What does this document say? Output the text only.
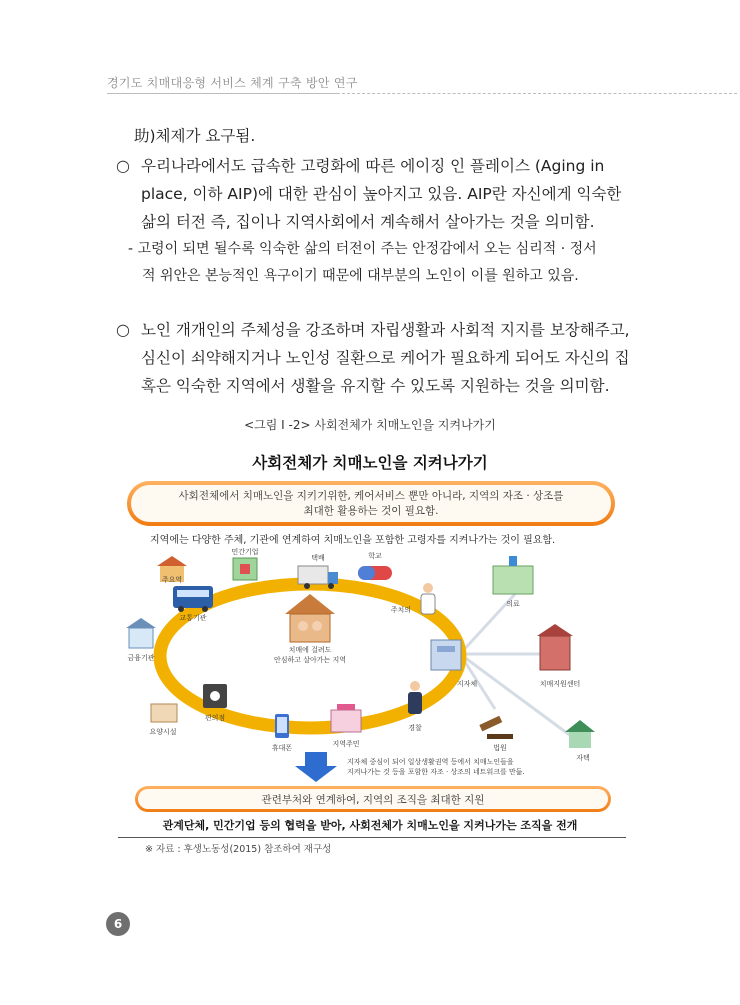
경기도 치매대응형 서비스 체계 구축 방안 연구
助)체제가 요구됨.
○ 우리나라에서도 급속한 고령화에 따른 에이징 인 플레이스 (Aging in
place, 이하 AIP)에 대한 관심이 높아지고 있음. AIP란 자신에게 익숙한
삶의 터전 즉, 집이나 지역사회에서 계속해서 살아가는 것을 의미함.
- 고령이 되면 될수록 익숙한 삶의 터전이 주는 안정감에서 오는 심리적 · 정서
적 위안은 본능적인 욕구이기 때문에 대부분의 노인이 이를 원하고 있음.
○ 노인 개개인의 주체성을 강조하며 자립생활과 사회적 지지를 보장해주고,
심신이 쇠약해지거나 노인성 질환으로 케어가 필요하게 되어도 자신의 집
혹은 익숙한 지역에서 생활을 유지할 수 있도록 지원하는 것을 의미함.
<그림 Ⅰ -2> 사회전체가 치매노인을 지켜나가기
사회전체가 치매노인을 지켜나가기
사회전체에서 치매노인을 지키기위한, 케어서비스 뿐만 아니라, 지역의 자조 · 상조를
최대한 활용하는 것이 필요함.
지역에는 다양한 주체, 기관에 연계하여 치매노인을 포함한 고령자를 지켜나가는 것이 필요함.
치매에 걸려도
안심하고 살아가는 지역
교통기관
주요역
민간기업
택배	학교
주치의
의료
치매지원센터
지자체
경찰
법원
자택
금융기관
요양시설
편의점
휴대폰	지역주민
지자체 중심이 되어 일상생활권역 등에서 치매노인들을
지켜나가는 것 등을 포함한 자조 · 상조의 네트워크를 만듦.
관련부처와 연계하여, 지역의 조직을 최대한 지원
관계단체, 민간기업 등의 협력을 받아, 사회전체가 치매노인을 지켜나가는 조직을 전개
※ 자료 : 후생노동성(2015) 참조하여 재구성
6
